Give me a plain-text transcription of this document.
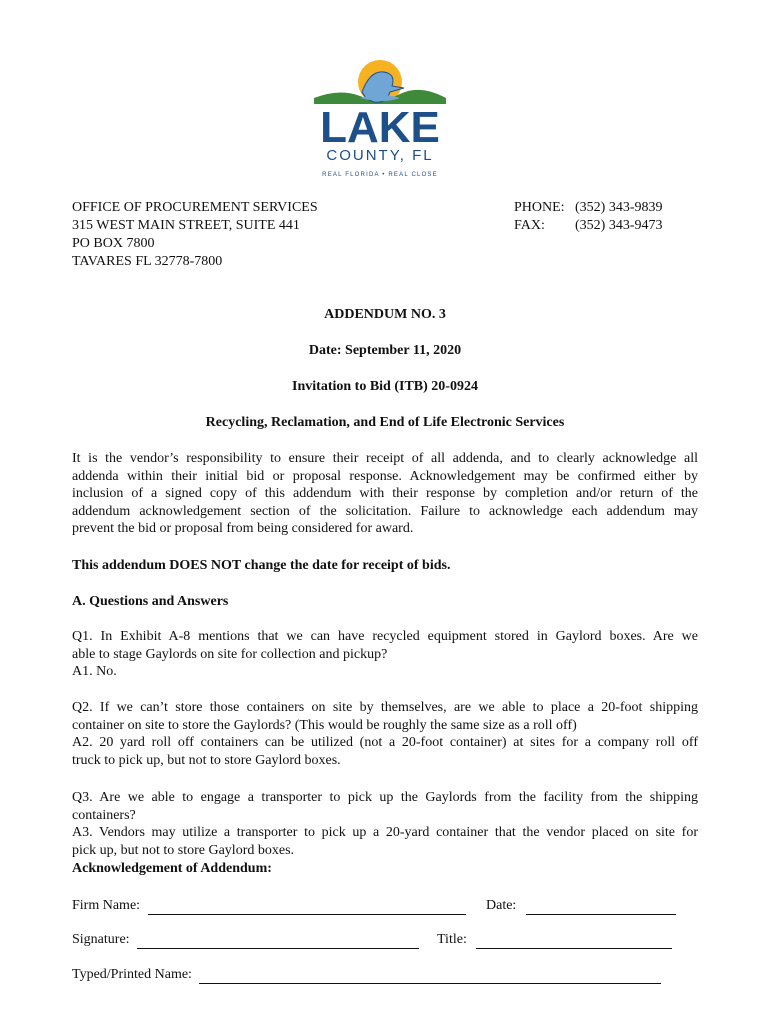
LAKE
COUNTY, FL
REAL FLORIDA • REAL CLOSE
OFFICE OF PROCUREMENT SERVICES
315 WEST MAIN STREET, SUITE 441
PO BOX 7800
TAVARES FL 32778-7800
PHONE: (352) 343-9839
FAX:	(352) 343-9473
ADDENDUM NO. 3
Date: September 11, 2020
Invitation to Bid (ITB) 20-0924
Recycling, Reclamation, and End of Life Electronic Services
It is the vendor’s responsibility to ensure their receipt of all addenda, and to clearly acknowledge all
addenda within their initial bid or proposal response. Acknowledgement may be confirmed either by
inclusion of a signed copy of this addendum with their response by completion and/or return of the
addendum acknowledgement section of the solicitation. Failure to acknowledge each addendum may
prevent the bid or proposal from being considered for award.
This addendum DOES NOT change the date for receipt of bids.
A. Questions and Answers
Q1. In Exhibit A-8 mentions that we can have recycled equipment stored in Gaylord boxes. Are we
able to stage Gaylords on site for collection and pickup?
A1. No.
Q2. If we can’t store those containers on site by themselves, are we able to place a 20-foot shipping
container on site to store the Gaylords? (This would be roughly the same size as a roll off)
A2. 20 yard roll off containers can be utilized (not a 20-foot container) at sites for a company roll off
truck to pick up, but not to store Gaylord boxes.
Q3. Are we able to engage a transporter to pick up the Gaylords from the facility from the shipping
containers?
A3. Vendors may utilize a transporter to pick up a 20-yard container that the vendor placed on site for
pick up, but not to store Gaylord boxes.
Acknowledgement of Addendum:
Firm Name:	Date:
Signature:	Title:
Typed/Printed Name:
